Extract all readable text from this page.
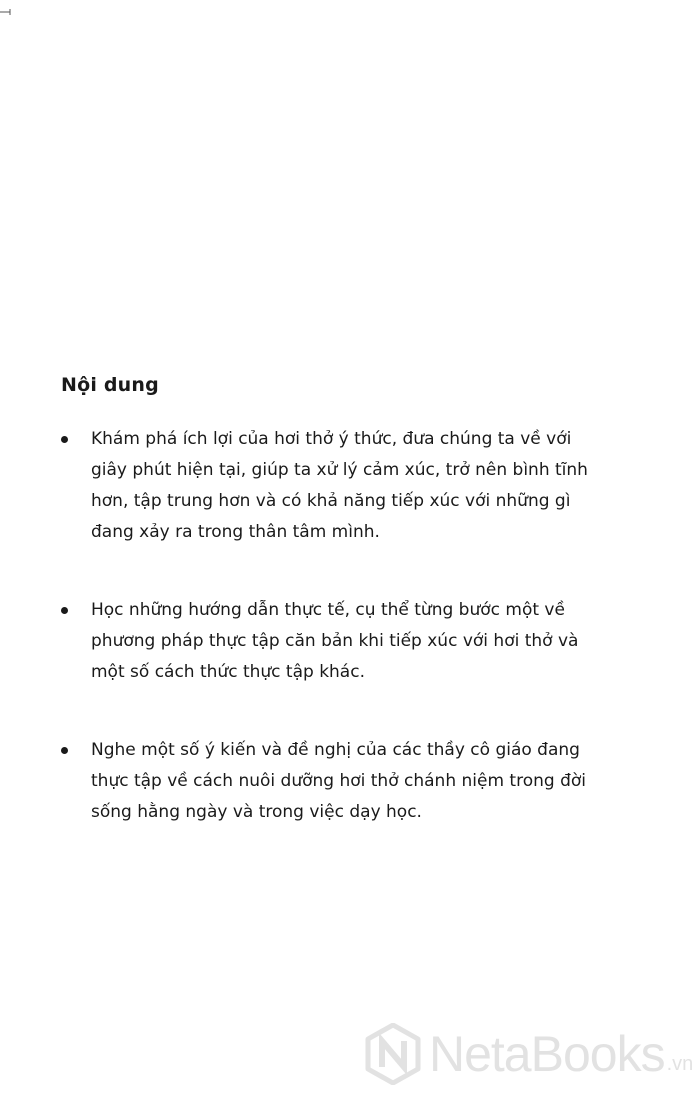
Nội dung
Khám phá ích lợi của hơi thở ý thức, đưa chúng ta về với
giây phút hiện tại, giúp ta xử lý cảm xúc, trở nên bình tĩnh
hơn, tập trung hơn và có khả năng tiếp xúc với những gì
đang xảy ra trong thân tâm mình.
Học những hướng dẫn thực tế, cụ thể từng bước một về
phương pháp thực tập căn bản khi tiếp xúc với hơi thở và
một số cách thức thực tập khác.
Nghe một số ý kiến và đề nghị của các thầy cô giáo đang
thực tập về cách nuôi dưỡng hơi thở chánh niệm trong đời
sống hằng ngày và trong việc dạy học.
NetaBooks .vn
